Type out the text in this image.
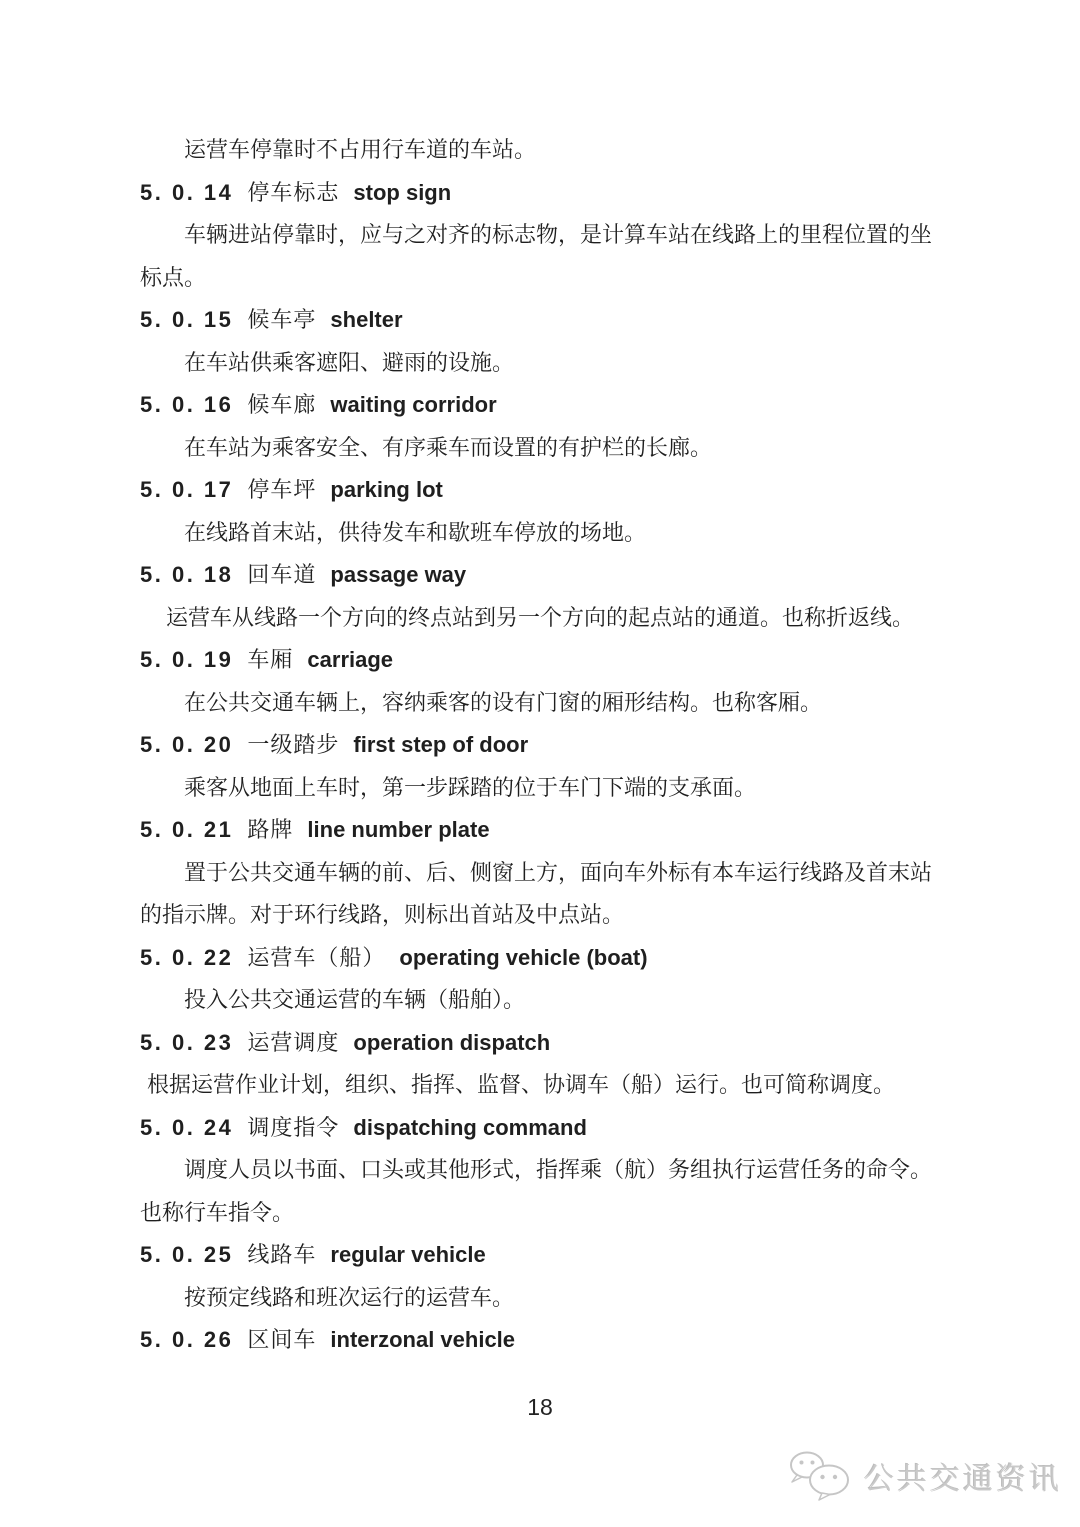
运营车停靠时不占用行车道的车站。
5. 0. 14 停车标志 stop sign
车辆进站停靠时，应与之对齐的标志物，是计算车站在线路上的里程位置的坐
标点。
5. 0. 15 候车亭 shelter
在车站供乘客遮阳、避雨的设施。
5. 0. 16 候车廊 waiting corridor
在车站为乘客安全、有序乘车而设置的有护栏的长廊。
5. 0. 17 停车坪 parking lot
在线路首末站，供待发车和歇班车停放的场地。
5. 0. 18 回车道 passage way
运营车从线路一个方向的终点站到另一个方向的起点站的通道。也称折返线。
5. 0. 19 车厢 carriage
在公共交通车辆上，容纳乘客的设有门窗的厢形结构。也称客厢。
5. 0. 20 一级踏步 first step of door
乘客从地面上车时，第一步踩踏的位于车门下端的支承面。
5. 0. 21 路牌 line number plate
置于公共交通车辆的前、后、侧窗上方，面向车外标有本车运行线路及首末站
的指示牌。对于环行线路，则标出首站及中点站。
5. 0. 22 运营车（船） operating vehicle (boat)
投入公共交通运营的车辆（船舶）。
5. 0. 23 运营调度 operation dispatch
根据运营作业计划，组织、指挥、监督、协调车（船）运行。也可简称调度。
5. 0. 24 调度指令 dispatching command
调度人员以书面、口头或其他形式，指挥乘（航）务组执行运营任务的命令。
也称行车指令。
5. 0. 25 线路车 regular vehicle
按预定线路和班次运行的运营车。
5. 0. 26 区间车 interzonal vehicle
18
公共交通资讯
